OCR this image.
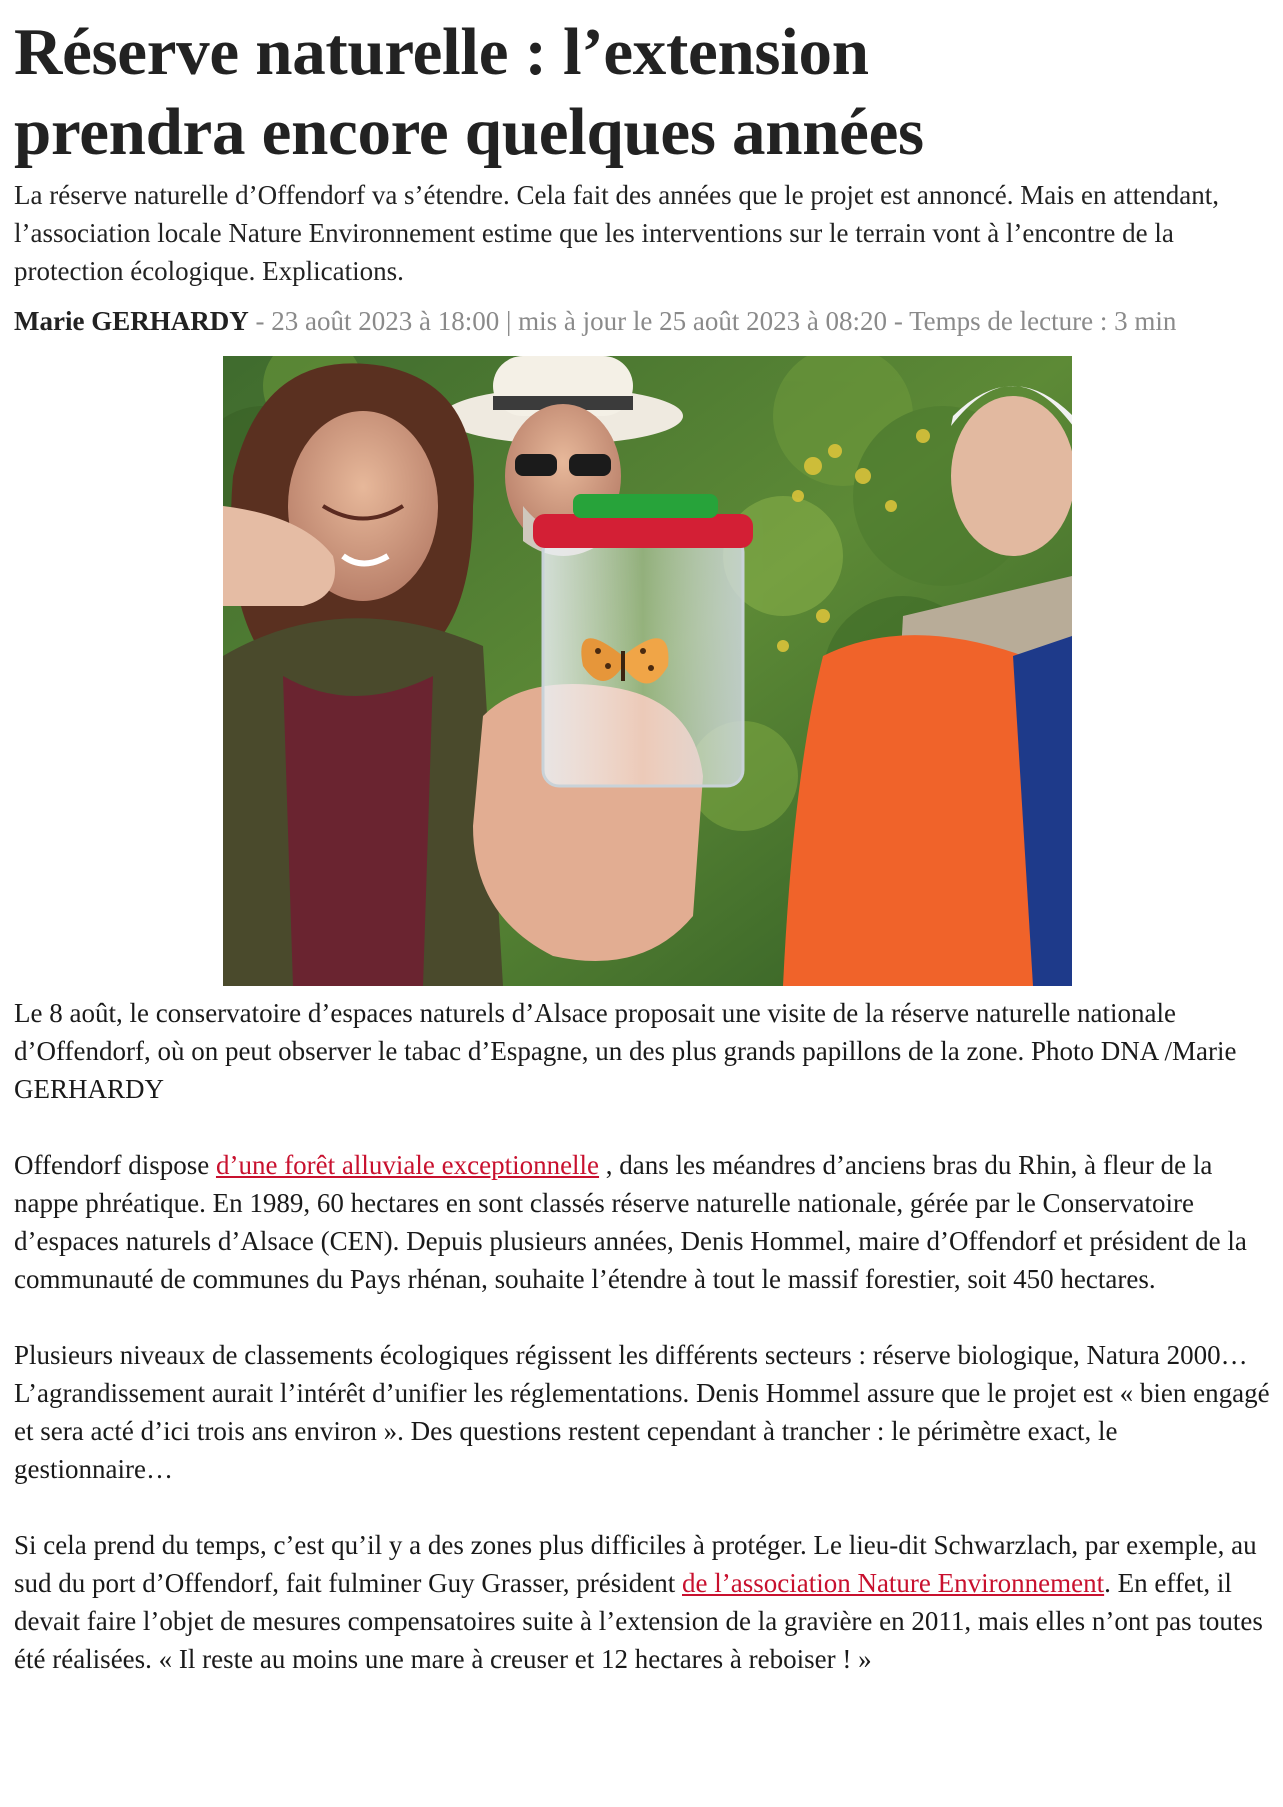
Réserve naturelle : l’extension
prendra encore quelques années

La réserve naturelle d’Offendorf va s’étendre. Cela fait des années que le projet est annoncé. Mais en attendant, l’association locale Nature Environnement estime que les interventions sur le terrain vont à l’encontre de la protection écologique. Explications.

Marie GERHARDY - 23 août 2023 à 18:00 | mis à jour le 25 août 2023 à 08:20 - Temps de lecture : 3 min

Le 8 août, le conservatoire d’espaces naturels d’Alsace proposait une visite de la réserve naturelle nationale d’Offendorf, où on peut observer le tabac d’Espagne, un des plus grands papillons de la zone. Photo DNA /Marie GERHARDY

Offendorf dispose d’une forêt alluviale exceptionnelle , dans les méandres d’anciens bras du Rhin, à fleur de la nappe phréatique. En 1989, 60 hectares en sont classés réserve naturelle nationale, gérée par le Conservatoire d’espaces naturels d’Alsace (CEN). Depuis plusieurs années, Denis Hommel, maire d’Offendorf et président de la communauté de communes du Pays rhénan, souhaite l’étendre à tout le massif forestier, soit 450 hectares.

Plusieurs niveaux de classements écologiques régissent les différents secteurs : réserve biologique, Natura 2000… L’agrandissement aurait l’intérêt d’unifier les réglementations. Denis Hommel assure que le projet est « bien engagé et sera acté d’ici trois ans environ ». Des questions restent cependant à trancher : le périmètre exact, le gestionnaire…

Si cela prend du temps, c’est qu’il y a des zones plus difficiles à protéger. Le lieu-dit Schwarzlach, par exemple, au sud du port d’Offendorf, fait fulminer Guy Grasser, président de l’association Nature Environnement. En effet, il devait faire l’objet de mesures compensatoires suite à l’extension de la gravière en 2011, mais elles n’ont pas toutes été réalisées. « Il reste au moins une mare à creuser et 12 hectares à reboiser ! »
